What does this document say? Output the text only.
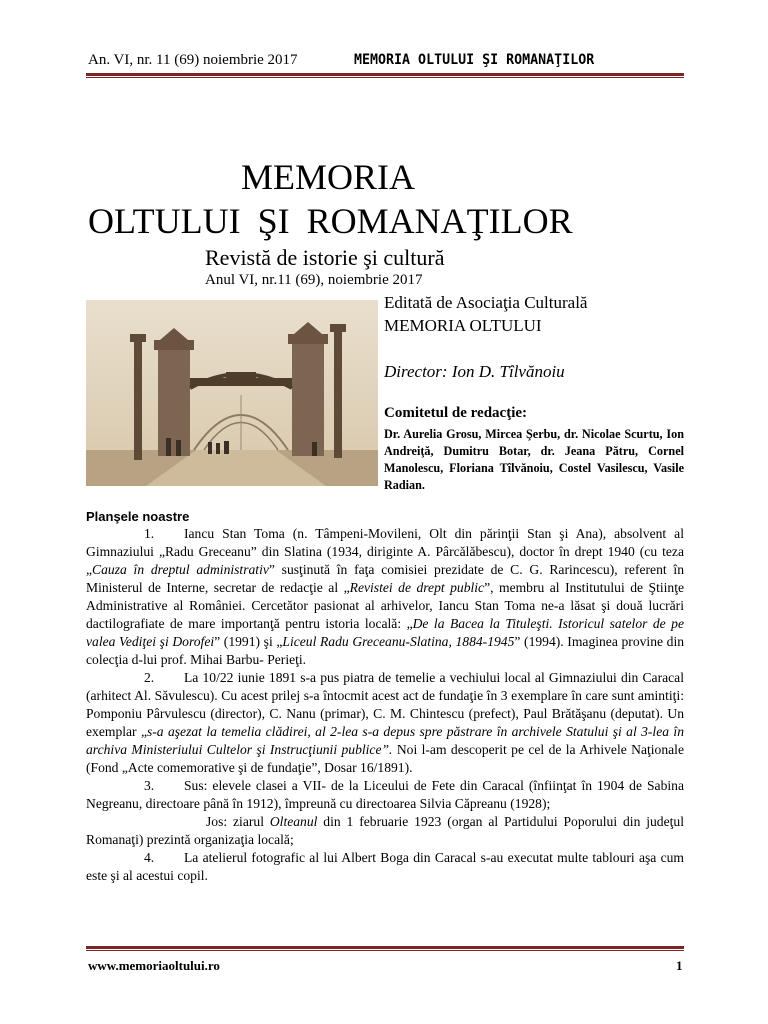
An. VI, nr. 11 (69) noiembrie 2017	MEMORIA OLTULUI ŞI ROMANAŢILOR
MEMORIA
OLTULUI ŞI ROMANAŢILOR
Revistă de istorie şi cultură
Anul VI, nr.11 (69), noiembrie 2017
Editată de Asociaţia Culturală
MEMORIA OLTULUI
Director: Ion D. Tîlvănoiu
Comitetul de redacţie:
Dr. Aurelia Grosu, Mircea Şerbu, dr. Nicolae Scurtu, Ion Andreiţă, Dumitru Botar, dr. Jeana Pătru, Cornel Manolescu, Floriana Tîlvănoiu, Costel Vasilescu, Vasile Radian.
Planşele noastre

1. Iancu Stan Toma (n. Tâmpeni-Movileni, Olt din părinţii Stan şi Ana), absolvent al Gimnaziului „Radu Greceanu” din Slatina (1934, diriginte A. Pârcălăbescu), doctor în drept 1940 (cu teza „Cauza în dreptul administrativ” susţinută în faţa comisiei prezidate de C. G. Rarincescu), referent în Ministerul de Interne, secretar de redacţie al „Revistei de drept public”, membru al Institutului de Ştiinţe Administrative al României. Cercetător pasionat al arhivelor, Iancu Stan Toma ne-a lăsat şi două lucrări dactilografiate de mare importanţă pentru istoria locală: „De la Bacea la Tituleşti. Istoricul satelor de pe valea Vediţei şi Dorofei” (1991) şi „Liceul Radu Greceanu-Slatina, 1884-1945” (1994). Imaginea provine din colecţia d-lui prof. Mihai Barbu- Perieţi.

2. La 10/22 iunie 1891 s-a pus piatra de temelie a vechiului local al Gimnaziului din Caracal (arhitect Al. Săvulescu). Cu acest prilej s-a întocmit acest act de fundaţie în 3 exemplare în care sunt amintiţi: Pomponiu Pârvulescu (director), C. Nanu (primar), C. M. Chintescu (prefect), Paul Brătăşanu (deputat). Un exemplar „s-a aşezat la temelia clădirei, al 2-lea s-a depus spre păstrare în archivele Statului şi al 3-lea în archiva Ministeriului Cultelor şi Instrucţiunii publice”. Noi l-am descoperit pe cel de la Arhivele Naţionale (Fond „Acte comemorative şi de fundaţie”, Dosar 16/1891).

3. Sus: elevele clasei a VII- de la Liceului de Fete din Caracal (înfiinţat în 1904 de Sabina Negreanu, directoare până în 1912), împreună cu directoarea Silvia Căpreanu (1928);

Jos: ziarul Olteanul din 1 februarie 1923 (organ al Partidului Poporului din judeţul Romanaţi) prezintă organizaţia locală;

4. La atelierul fotografic al lui Albert Boga din Caracal s-au executat multe tablouri aşa cum este şi al acestui copil.

www.memoriaoltului.ro	1
